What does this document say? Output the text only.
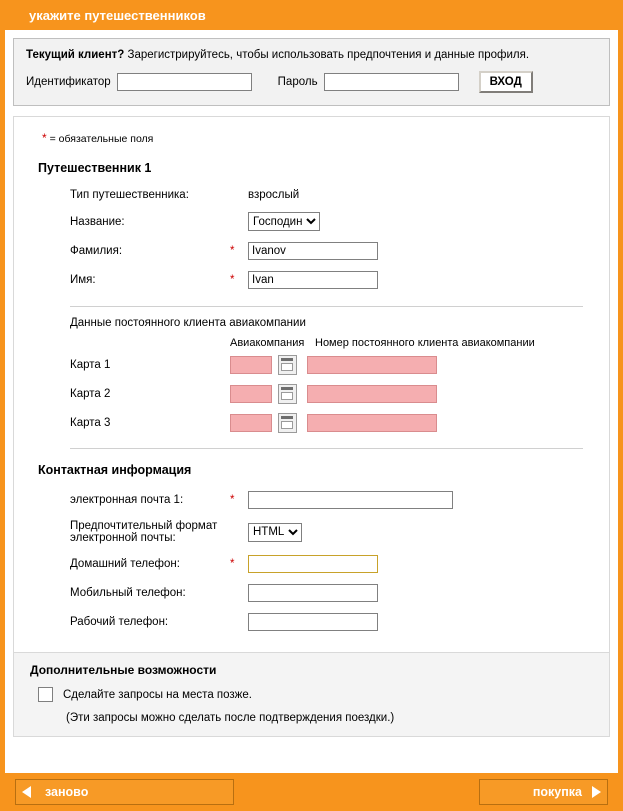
укажите путешественников
Текущий клиент? Зарегистрируйтесь, чтобы использовать предпочтения и данные профиля.
Идентификатор	Пароль	ВХОД
* = обязательные поля
Путешественник 1
Тип путешественника:		взрослый
Название:		
Господин
Фамилия:	*	Ivanov
Имя:	*	Ivan
Данные постоянного клиента авиакомпании
Авиакомпания Номер постоянного клиента авиакомпании
Карта 1		
Карта 2		
Карта 3		
Контактная информация
электронная почта 1:	*	
Предпочтительный формат электронной почты:		
HTML
Домашний телефон:	*	
Мобильный телефон:		
Рабочий телефон:		
Дополнительные возможности
Сделайте запросы на места позже.
(Эти запросы можно сделать после подтверждения поездки.)
заново	покупка
